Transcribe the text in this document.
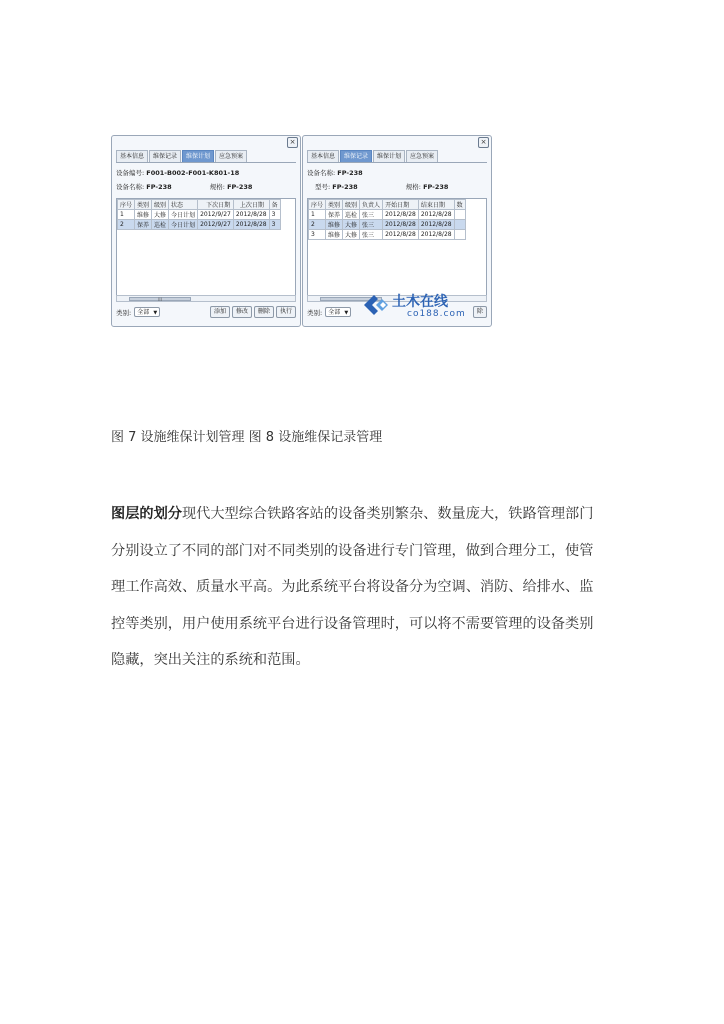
×
基本信息	维保记录	维保计划	应急预案
设备编号: F001-B002-F001-K801-18
设备名称: FP-238	规格: FP-238
序号	类别	级别	状态	下次日期	上次日期	备
1	维修	大修	今日计划	2012/9/27	2012/8/28	3
2	保养	巡检	今日计划	2012/9/27	2012/8/28	3
III
类别:	全部 ▼	添加	修改	删除	执行
×
基本信息	维保记录	维保计划	应急预案
设备名称: FP-238
型号: FP-238	规格: FP-238
序号	类别	级别	负责人	开始日期	结束日期	数
1	保养	巡检	张三	2012/8/28	2012/8/28	
2	维修	大修	张三	2012/8/28	2012/8/28	
3	维修	大修	张三	2012/8/28	2012/8/28	
类别:	全部 ▼	除
土木在线
co188.com
图 7 设施维保计划管理 图 8 设施维保记录管理
图层的划分现代大型综合铁路客站的设备类别繁杂、数量庞大，铁路管理部门
分别设立了不同的部门对不同类别的设备进行专门管理，做到合理分工，使管
理工作高效、质量水平高。为此系统平台将设备分为空调、消防、给排水、监
控等类别，用户使用系统平台进行设备管理时，可以将不需要管理的设备类别
隐藏，突出关注的系统和范围。
